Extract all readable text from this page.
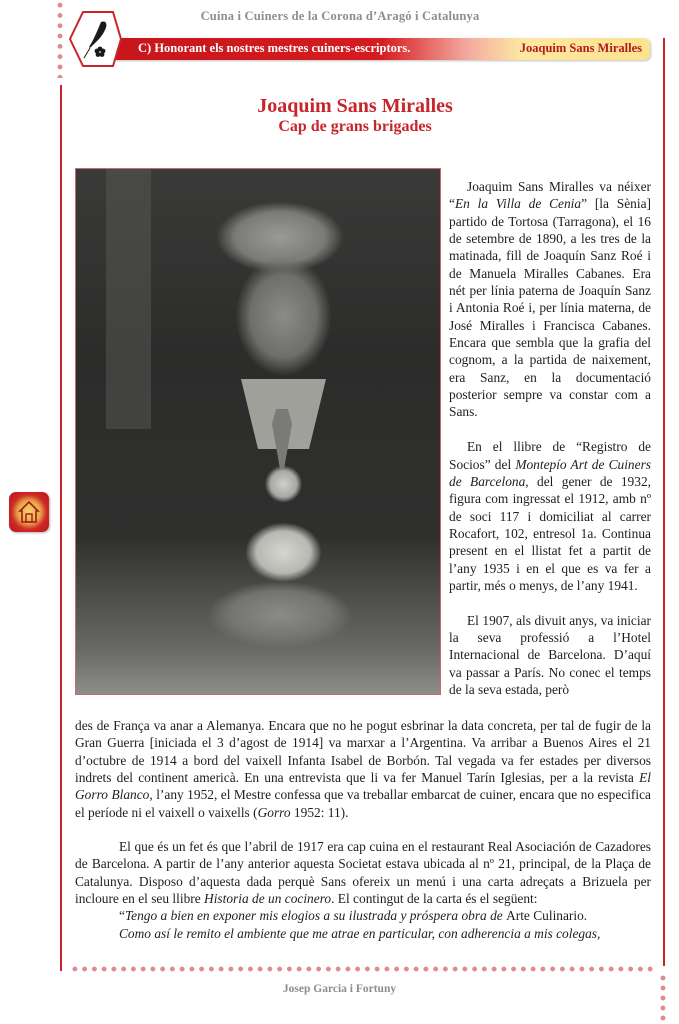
Cuina i Cuiners de la Corona d’Aragó i Catalunya
C) Honorant els nostres mestres cuiners-escriptors.	Joaquim Sans Miralles
Joaquim Sans Miralles
Cap de grans brigades

Joaquim Sans Miralles va néixer “En la Villa de Cenia” [la Sènia] partido de Tortosa (Tarragona), el 16 de setembre de 1890, a les tres de la matinada, fill de Joaquín Sanz Roé i de Manuela Miralles Cabanes. Era nét per línia paterna de Joaquín Sanz i Antonia Roé i, per línia materna, de José Miralles i Francisca Cabanes. Encara que sembla que la grafia del cognom, a la partida de naixement, era Sanz, en la documentació posterior sempre va constar com a Sans.

En el llibre de “Registro de Socios” del Montepío Art de Cuiners de Barcelona, del gener de 1932, figura com ingressat el 1912, amb nº de soci 117 i domiciliat al carrer Rocafort, 102, entresol 1a. Continua present en el llistat fet a partit de l’any 1935 i en el que es va fer a partir, més o menys, de l’any 1941.

El 1907, als divuit anys, va iniciar la seva professió a l’Hotel Internacional de Barcelona. D’aquí va passar a París. No conec el temps de la seva estada, però

des de França va anar a Alemanya. Encara que no he pogut esbrinar la data concreta, per tal de fugir de la Gran Guerra [iniciada el 3 d’agost de 1914] va marxar a l’Argentina. Va arribar a Buenos Aires el 21 d’octubre de 1914 a bord del vaixell Infanta Isabel de Borbón. Tal vegada va fer estades per diversos indrets del continent americà. En una entrevista que li va fer Manuel Tarín Iglesias, per a la revista El Gorro Blanco, l’any 1952, el Mestre confessa que va treballar embarcat de cuiner, encara que no especifica el període ni el vaixell o vaixells (Gorro 1952: 11).

El que és un fet és que l’abril de 1917 era cap cuina en el restaurant Real Asociación de Cazadores de Barcelona. A partir de l’any anterior aquesta Societat estava ubicada al nº 21, principal, de la Plaça de Catalunya. Disposo d’aquesta dada perquè Sans ofereix un menú i una carta adreçats a Brizuela per incloure en el seu llibre Historia de un cocinero. El contingut de la carta és el següent:

“Tengo a bien en exponer mis elogios a su ilustrada y próspera obra de Arte Culinario.

Como así le remito el ambiente que me atrae en particular, con adherencia a mis colegas,

Josep Garcia i Fortuny
